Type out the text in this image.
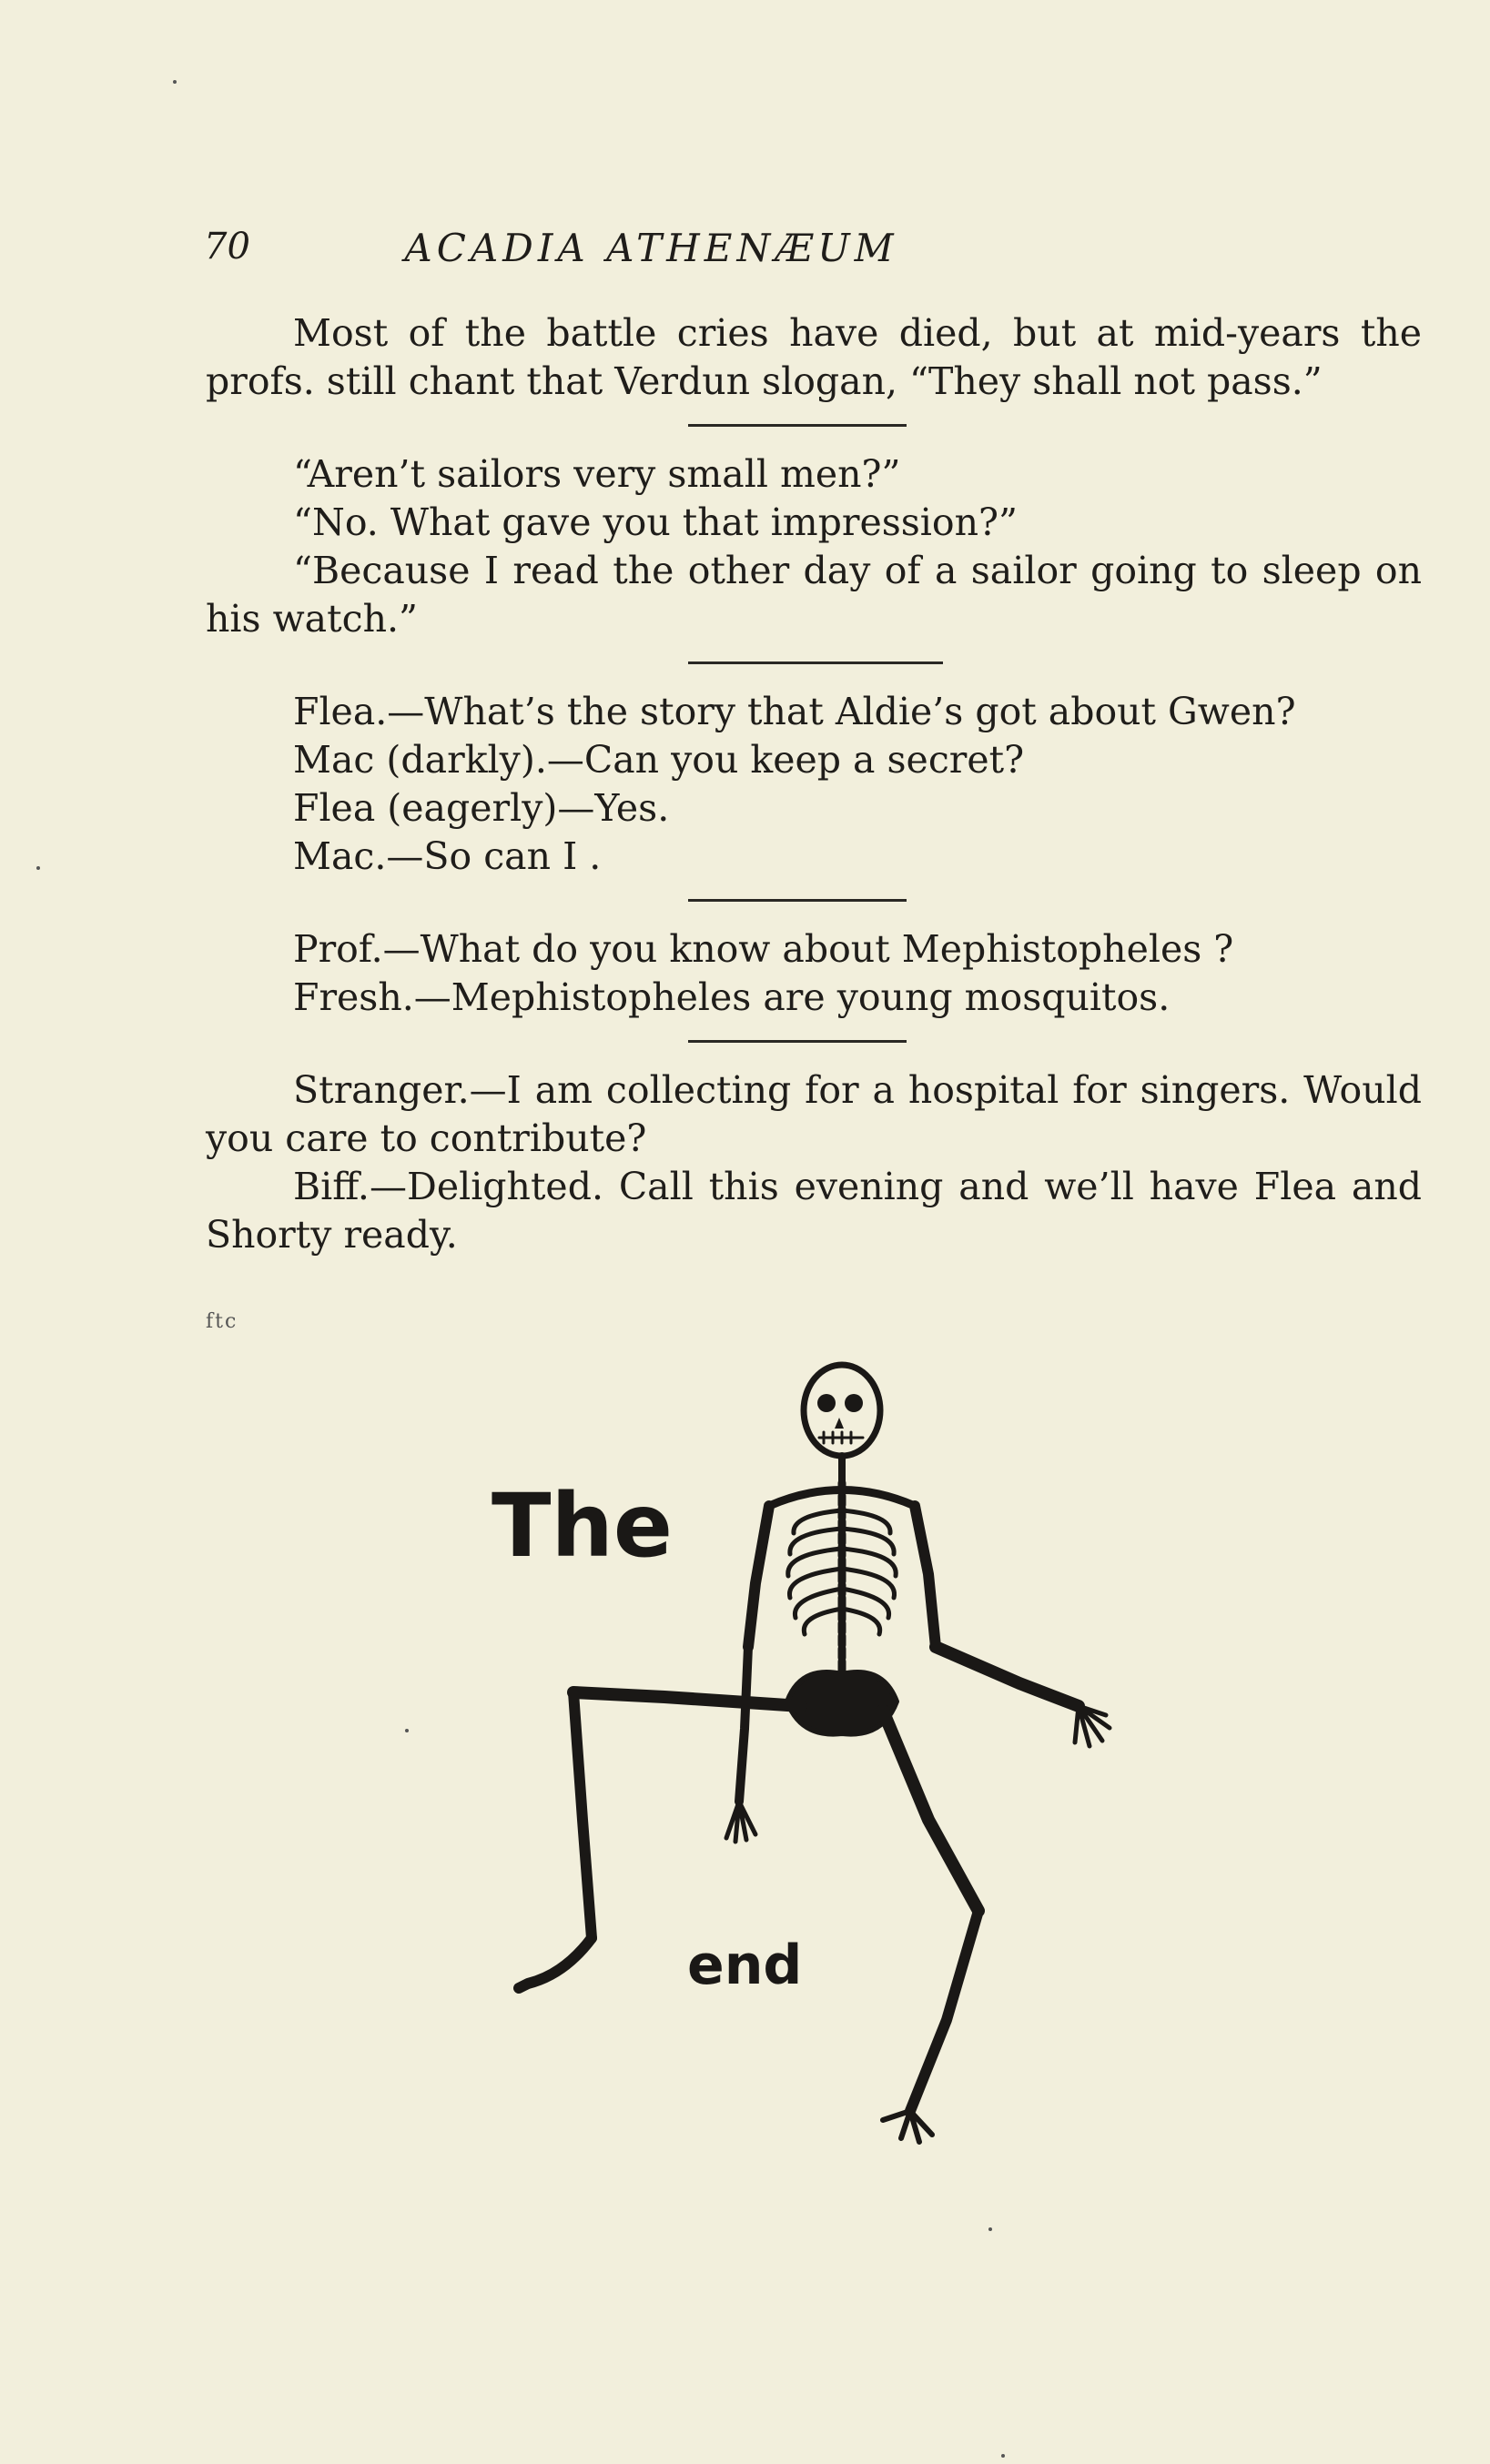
70	ACADIA ATHENÆUM

Most of the battle cries have died, but at mid-years the profs. still chant that Verdun slogan, “They shall not pass.”

“Aren’t sailors very small men?”

“No. What gave you that impression?”

“Because I read the other day of a sailor going to sleep on his watch.”

Flea.—What’s the story that Aldie’s got about Gwen?

Mac (darkly).—Can you keep a secret?

Flea (eagerly)—Yes.

Mac.—So can I .

Prof.—What do you know about Mephistopheles ?

Fresh.—Mephistopheles are young mosquitos.

Stranger.—I am collecting for a hospital for singers. Would you care to contribute?

Biff.—Delighted. Call this evening and we’ll have Flea and Shorty ready.

ftc
The
end
